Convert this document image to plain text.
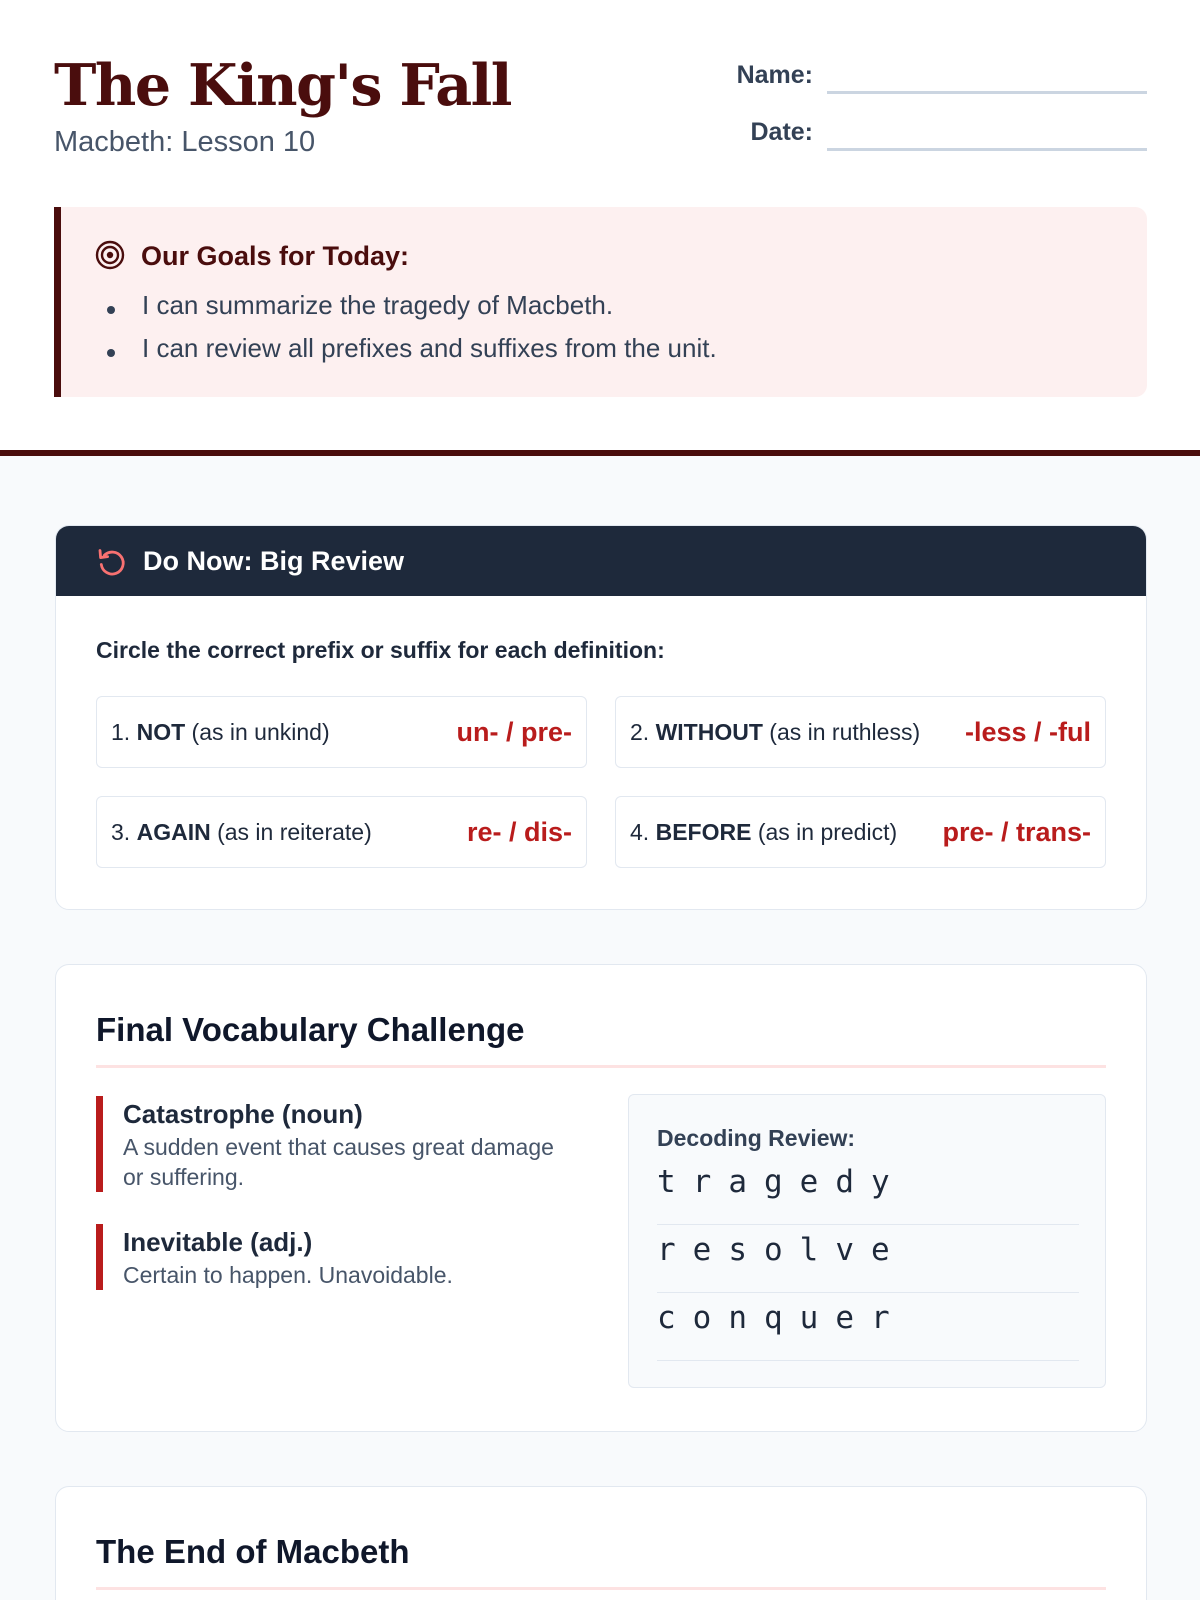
The King's Fall
Macbeth: Lesson 10
Name:
Date:
Our Goals for Today:
I can summarize the tragedy of Macbeth.
I can review all prefixes and suffixes from the unit.
Do Now: Big Review
Circle the correct prefix or suffix for each definition:
1. NOT (as in unkind)	un- / pre-	2. WITHOUT (as in ruthless) -less / -ful
3. AGAIN (as in reiterate)	re- / dis-	4. BEFORE (as in predict) pre- / trans-
Final Vocabulary Challenge
Catastrophe (noun)
A sudden event that causes great damage or suffering.
Inevitable (adj.)
Certain to happen. Unavoidable.
Decoding Review:
tragedy
resolve
conquer
The End of Macbeth
